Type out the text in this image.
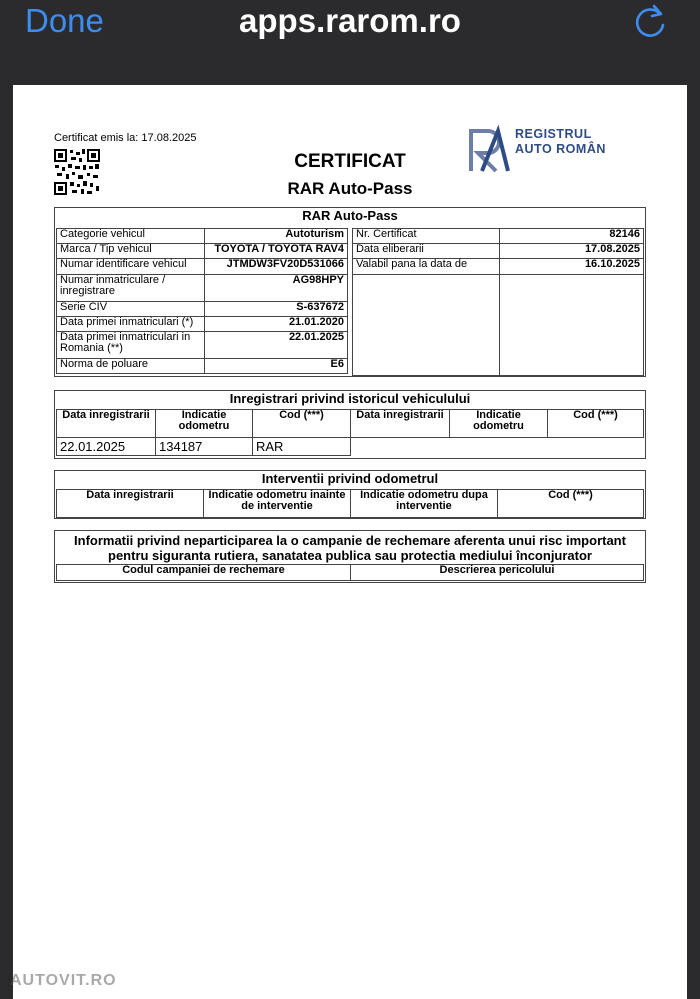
Done	apps.rarom.ro
Certificat emis la: 17.08.2025
CERTIFICAT
RAR Auto-Pass
REGISTRUL
AUTO ROMÂN
RAR Auto-Pass
Categorie vehicul	Autoturism
Marca / Tip vehicul	TOYOTA / TOYOTA RAV4
Numar identificare vehicul	JTMDW3FV20D531066
Numar inmatriculare / inregistrare	AG98HPY
Serie CIV	S-637672
Data primei inmatriculari (*)	21.01.2020
Data primei inmatriculari in Romania (**)	22.01.2025
Norma de poluare	E6
Nr. Certificat	82146
Data eliberarii	17.08.2025
Valabil pana la data de	16.10.2025

Inregistrari privind istoricul vehiculului
Data inregistrarii	Indicatie odometru	Cod (***)	Data inregistrarii	Indicatie odometru	Cod (***)
22.01.2025	134187	RAR			
Interventii privind odometrul
Data inregistrarii	Indicatie odometru inainte de interventie	Indicatie odometru dupa interventie	Cod (***)
Informatii privind neparticiparea la o campanie de rechemare aferenta unui risc important pentru siguranta rutiera, sanatatea publica sau protectia mediului înconjurator
Codul campaniei de rechemare	Descrierea pericolului
AUTOVIT.RO
